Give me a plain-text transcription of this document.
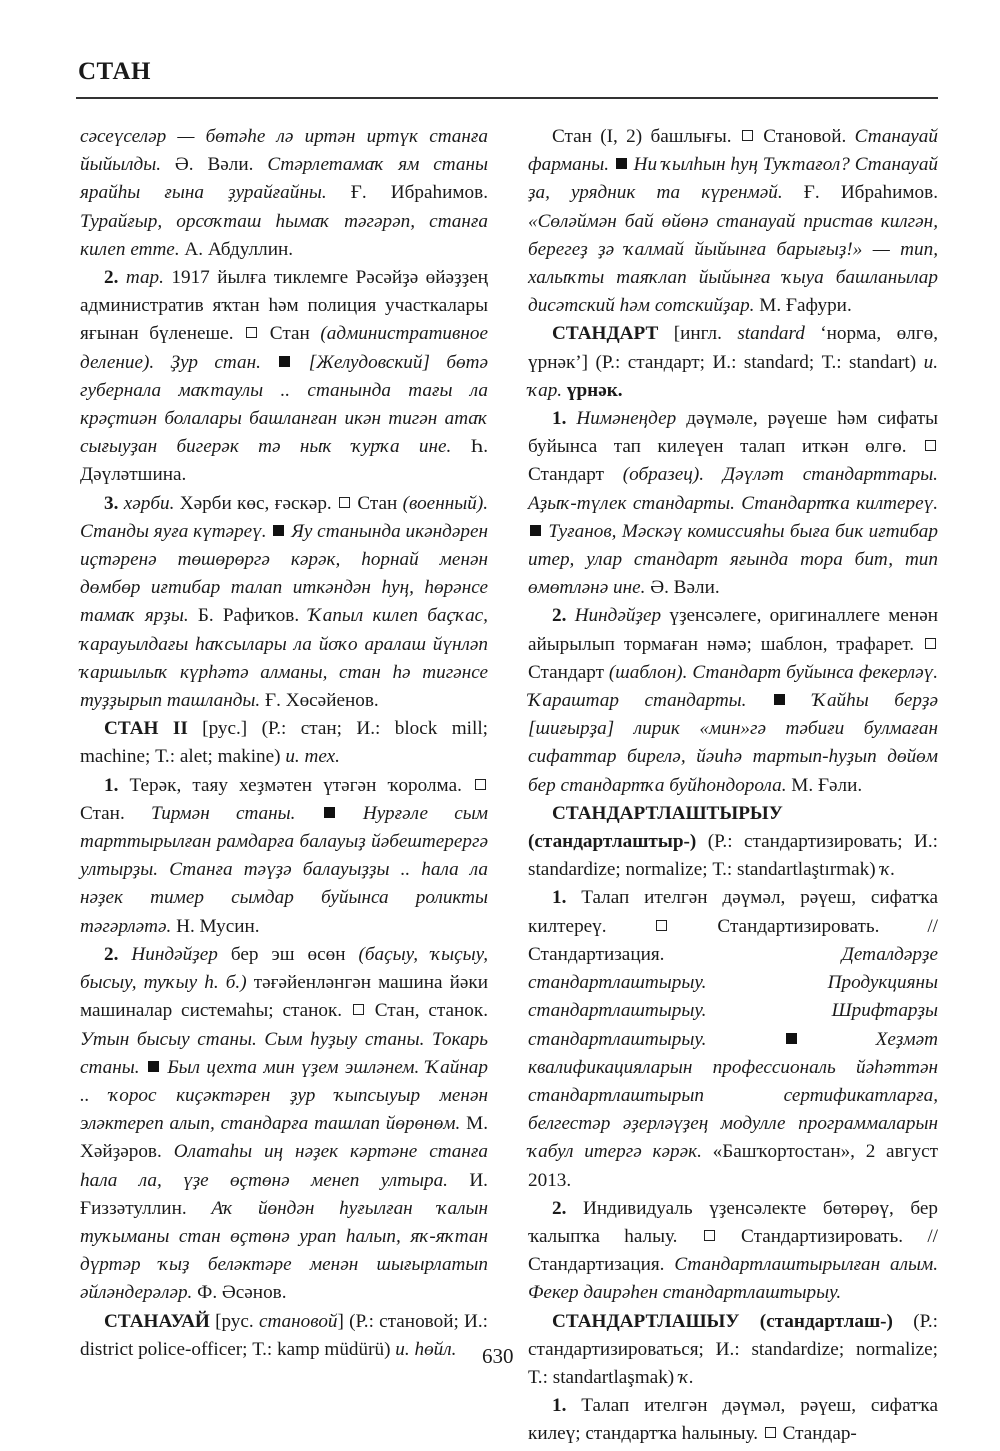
СТАН

сәсеүселәр — бөтәһе лә иртән иртүк станға йыйылды. Ә. Вәли. Стәрлетамаҡ ям станы ярайһы ғына ҙурайғайны. Ғ. Ибраһимов. Турайғыр, орсоҡташ һымаҡ тәгәрәп, станға килеп етте. А. Абдуллин.

2. тар. 1917 йылға тиклемге Рәсәйҙә өйәҙҙең административ яҡтан һәм полиция участкалары яғынан бүленеше.  Стан (административное деление). Ҙур стан.  [Желудовский] бөтә губернала маҡтаулы .. станында тағы ла крәҫтиән болалары башланған икән тигән атаҡ сығыуҙан бигерәк тә ныҡ ҡурҡа ине. Һ. Дәүләтшина.

3. хәрби. Хәрби көс, ғәскәр.  Стан (военный). Станды яуға күтәреү.  Яу станында икәндәрен иҫтәренә төшөрөргә кәрәк, һорнай менән дөмбөр иғтибар талап иткәндән һуң, һөрәнсе тамаҡ ярҙы. Б. Рафиҡов. Ҡапыл килеп баҫҡас, ҡарауылдағы һаҡсылары ла йоҡо аралаш йүнләп ҡаршылыҡ күрһәтә алманы, стан һә тигәнсе туҙҙырып ташланды. Ғ. Хөсәйенов.

СТАН II [рус.] (Р.: стан; И.: block mill; machine; Т.: alet; makine) и. тех.

1. Терәк, таяу хеҙмәтен үтәгән ҡоролма.  Стан. Тирмән станы.  Нурғәле сым тарттырылған рамдарға балауыҙ йәбештерергә ултырҙы. Станға тәүҙә балауыҙҙы .. һала ла нәҙек тимер сымдар буйынса роликты тәгәрләтә. Н. Мусин.

2. Ниндәйҙер бер эш өсөн (баҫыу, ҡыҫыу, бысыу, туҡыу һ. б.) тәғәйенләнгән машина йәки машиналар системаһы; станок.  Стан, станок. Утын бысыу станы. Сым һуҙыу станы. Токарь станы.  Был цехта мин үҙем эшләнем. Ҡайнар .. ҡорос киҫәктәрен ҙур ҡыпсыуыр менән эләктереп алып, стандарға ташлап йөрөнөм. М. Хәйҙәров. Олатаһы иң нәҙек кәртәне станға һала ла, үҙе өҫтөнә менеп ултыра. И. Ғиззәтуллин. Аҡ йөндән һуғылған ҡалын туҡыманы стан өҫтөнә урап һалып, яҡ-яҡтан дүртәр ҡыҙ беләктәре менән шығырлатып әйләндерәләр. Ф. Әсәнов.

СТАНАУАЙ [рус. становой] (Р.: становой; И.: district police-officer; Т.: kamp müdürü) и. һөйл.

Стан (I, 2) башлығы.  Становой. Станауай фарманы.  Ни ҡылһын һуң Туҡтағол? Станауай ҙа, урядник та күренмәй. Ғ. Ибраһимов. «Сөләймән бай өйөнә станауай пристав килгән, берегеҙ ҙә ҡалмай йыйынға барығыҙ!» — тип, халыҡты таяҡлап йыйынға ҡыуа башланылар дисәтский һәм сотскийҙар. М. Ғафури.

СТАНДАРТ [ингл. standard ‘норма, өлгө, үрнәк’] (Р.: стандарт; И.: standard; Т.: standart) и. ҡар. үрнәк.

1. Нимәнеңдер дәүмәле, рәүеше һәм сифаты буйынса тап килеүен талап иткән өлгө.  Стандарт (образец). Дәүләт стандарттары. Аҙыҡ-түлек стандарты. Стандартҡа килтереү.  Туғанов, Мәскәү комиссияһы быға бик иғтибар итер, улар стандарт яғында тора бит, тип өмөтләнә ине. Ә. Вәли.

2. Ниндәйҙер үҙенсәлеге, оригиналлеге менән айырылып тормаған нәмә; шаблон, трафарет.  Стандарт (шаблон). Стандарт буйынса фекерләү. Ҡараштар стандарты.  Ҡайһы берҙә [шиғырҙа] лирик «мин»гә тәбиғи булмаған сифаттар бирелә, йәиһә тартып-һуҙып дөйөм бер стандартҡа буйһондорола. М. Ғәли.

СТАНДАРТЛАШТЫРЫУ (стандартлаштыр-) (Р.: стандартизировать; И.: standardize; normalize; Т.: standartlaştırmak) ҡ.

1. Талап ителгән дәүмәл, рәүеш, сифатҡа килтереү.  Стандартизировать. // Стандартизация. Деталдәрҙе стандартлаштырыу. Продукцияны стандартлаштырыу. Шрифтарҙы стандартлаштырыу.	Хеҙмәт квалификацияларын профессиональ йәһәттән стандартлаштырып сертификатларға, белгестәр әҙерләүҙең модулле программаларын ҡабул итергә кәрәк. «Башҡортостан», 2 август 2013.

2. Индивидуаль үҙенсәлекте бөтөрөү, бер ҡалыпҡа һалыу.  Стандартизировать. // Стандартизация. Стандартлаштырылған алым. Фекер даирәһен стандартлаштырыу.

СТАНДАРТЛАШЫУ (стандартлаш-) (Р.: стандартизироваться; И.: standardize; normalize; Т.: standartlaşmak) ҡ.

1. Талап ителгән дәүмәл, рәүеш, сифатҡа килеү; стандартҡа һалыныу.  Стандар-

630
